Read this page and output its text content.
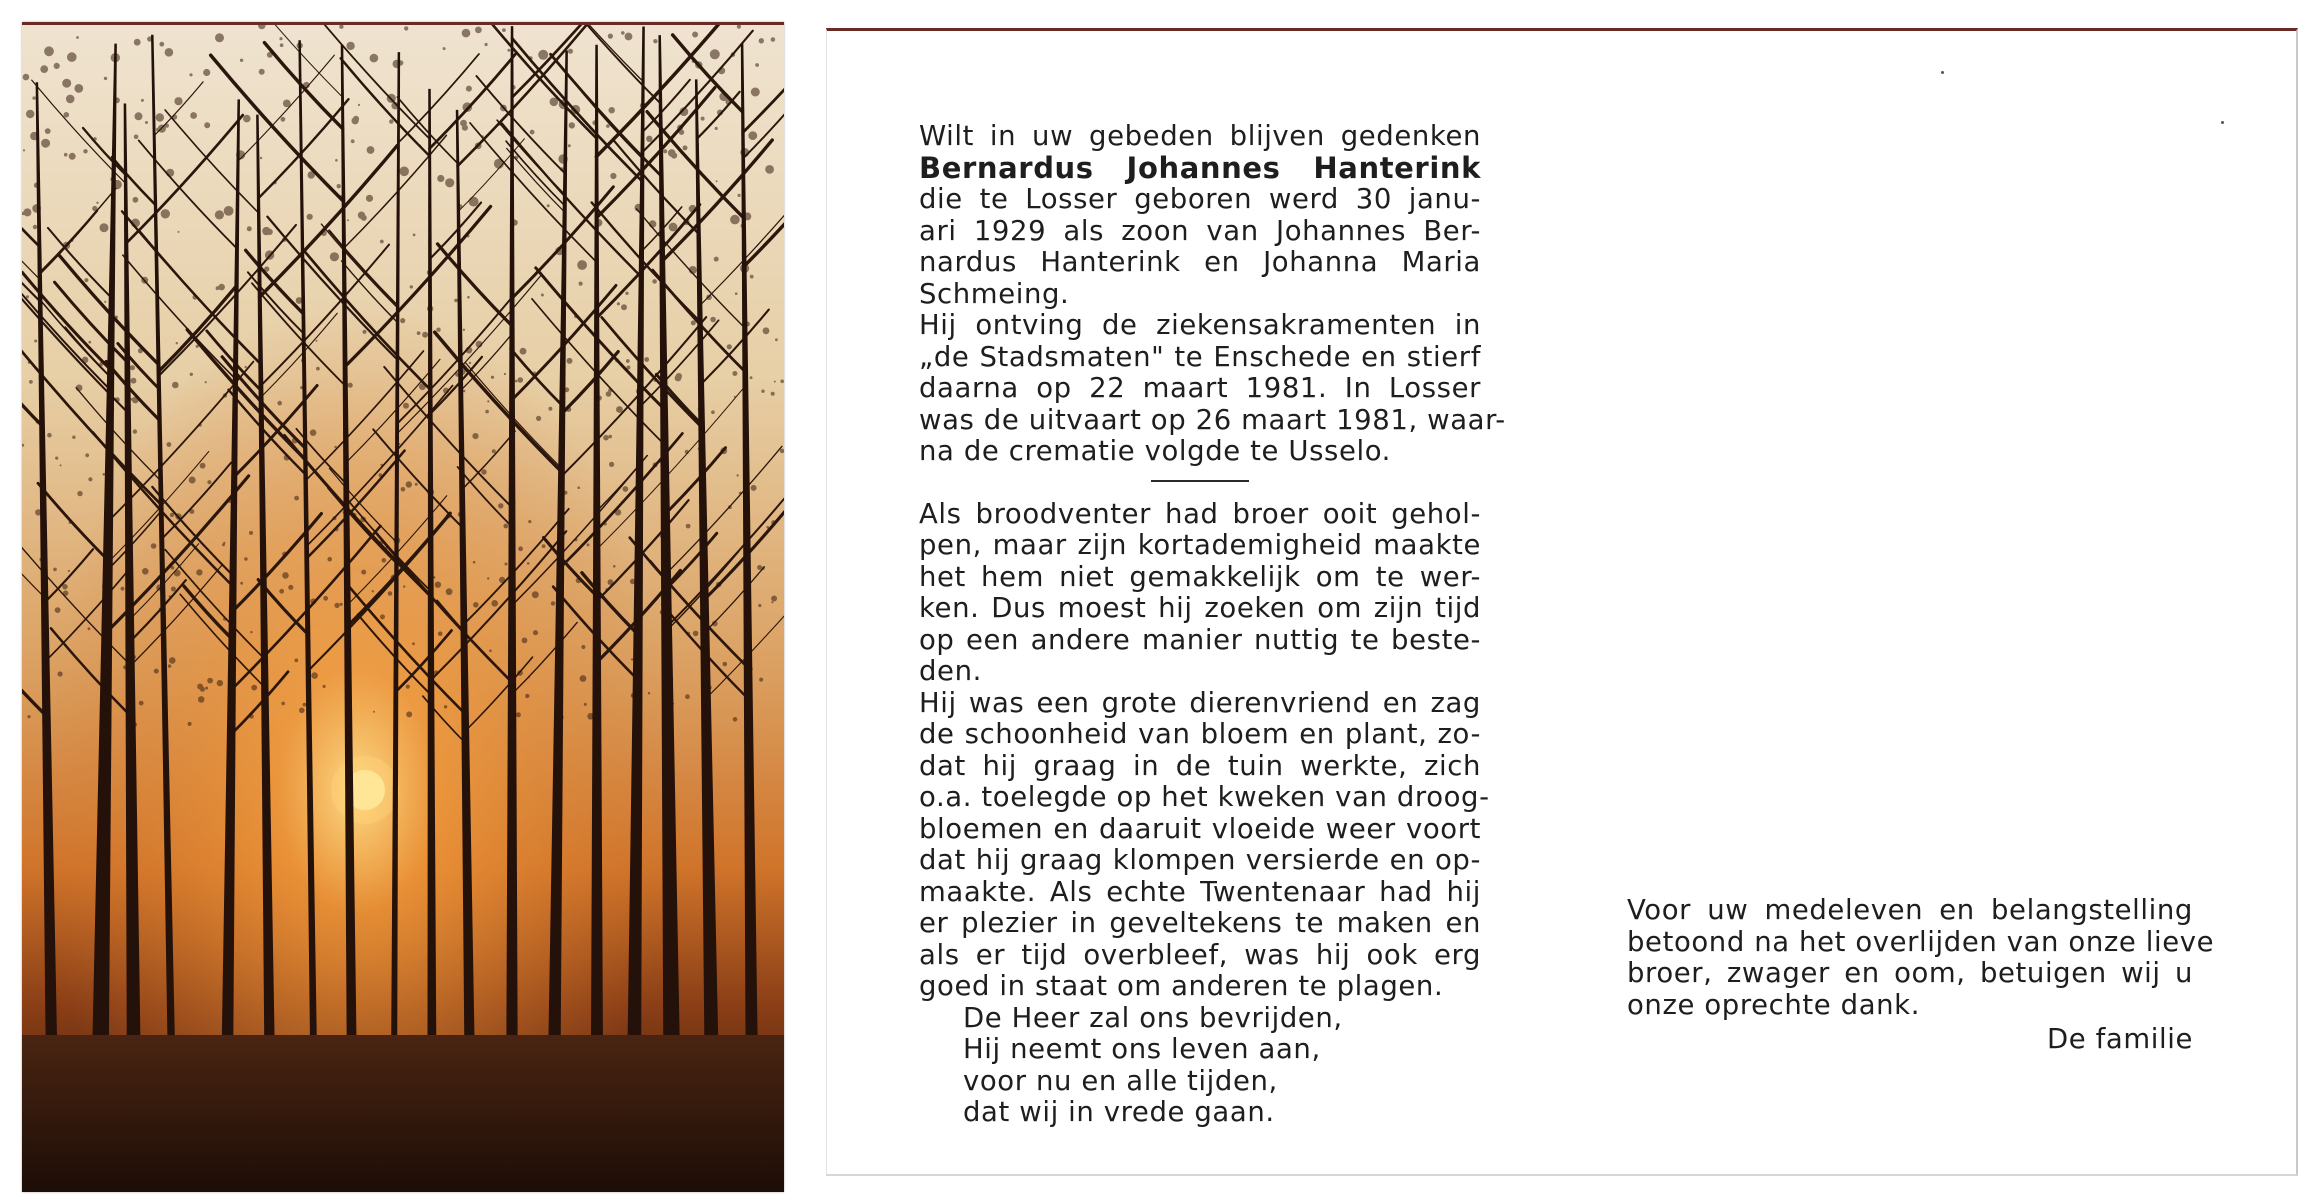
Wilt in uw gebeden blijven gedenken
Bernardus Johannes Hanterink
die te Losser geboren werd 30 janu-
ari 1929 als zoon van Johannes Ber-
nardus Hanterink en Johanna Maria
Schmeing.
Hij ontving de ziekensakramenten in
„de Stadsmaten" te Enschede en stierf
daarna op 22 maart 1981. In Losser
was de uitvaart op 26 maart 1981, waar-
na de crematie volgde te Usselo.
Als broodventer had broer ooit gehol-
pen, maar zijn kortademigheid maakte
het hem niet gemakkelijk om te wer-
ken. Dus moest hij zoeken om zijn tijd
op een andere manier nuttig te beste-
den.
Hij was een grote dierenvriend en zag
de schoonheid van bloem en plant, zo-
dat hij graag in de tuin werkte, zich
o.a. toelegde op het kweken van droog-
bloemen en daaruit vloeide weer voort
dat hij graag klompen versierde en op-
maakte. Als echte Twentenaar had hij
er plezier in geveltekens te maken en
als er tijd overbleef, was hij ook erg
goed in staat om anderen te plagen.
De Heer zal ons bevrijden,
Hij neemt ons leven aan,
voor nu en alle tijden,
dat wij in vrede gaan.
Voor uw medeleven en belangstelling
betoond na het overlijden van onze lieve
broer, zwager en oom, betuigen wij u
onze oprechte dank.
De familie
